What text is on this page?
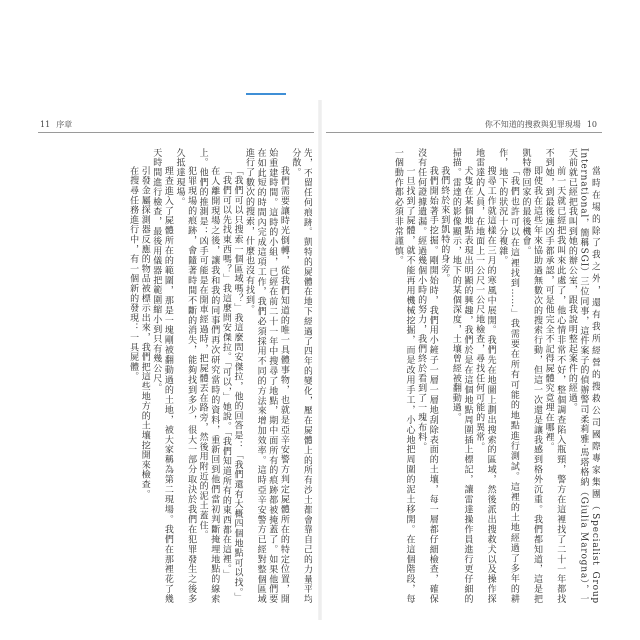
11 序章	你不知道的搜救與犯罪現場 10

當時在場的除了我之外，還有我所經營的搜救公司國際專家集團（Specialist Group International，簡稱SGI）三位同事，這件案子的偵辦警司柔莉雅‧馬塔格納（Giulia Marogna），一天前就已經把我叫到她的辦公室，跟我說明整起案件的經過。

前一天就已經把我叫來此處了，他心情非常不好，整個調查陷入瓶頸，警方在這裡找了二十一年都找不到她，到最後連凶手都承認，可是他完全不記得屍體究竟埋在哪裡。

即使我在這些年來協助過無數次的搜索行動，但這一次還是讓我感到格外沉重。我們都知道，這是把凱特帶回家的最後機會。

「我們也許可以在這裡找到……」我需要在所有可能的地點進行測試。這裡的土地經過了多年的耕作，地下的狀況十分複雜。

搜尋工作就這樣在三月的寒風中展開。我們先在地圖上劃出搜索的區域，然後派出搜救犬以及操作探地雷達的人員，在地面上一公尺一公尺地檢查，尋找任何可能的異常。

犬隻在某個地點表現出明顯的興趣，我們於是在這個地點周圍插上標記，讓雷達操作員進行更仔細的掃描。雷達的影像顯示，地下的某個深度，土壤曾經被翻動過。

我們終於來到凱特的身旁。

我們開始著手挖掘。剛開始時，我們用小鏟子一層一層地刮除表面的土壤，每一層都仔細檢查，確保沒有任何證據遺漏。經過幾個小時的努力，我們終於看到了一塊布料。

一旦找到了屍體，就不能再用機械挖掘，而是改用手工，小心地把周圍的泥土移開。在這個階段，每一個動作都必須非常謹慎。

先，不留任何痕跡。凱特的屍體在地下經過了四年的變化，壓在屍體上的所有沙土都會靠自己的力量平均分散。

我們需要讓時光倒轉，從我們知道的唯一具體事物，也就是亞辛安警方判定屍體所在的特定位置，開始重建時間。這時的小組，已經在前二十一年中搜尋了地點，期中面所有的痕跡都被掩蓋了。如果他們要在如此短的時間內完成這項工作，我們必須採用不同的方法來增加效率。這時亞辛安警方已經對整個區域進行了數次的搜索，什麼也沒有找到。

「我們可以只搜索一個區域嗎？」我這麼問安傑拉，他的回答是：「我們還有大概四個地點可以找。」

「我們可以先找東西嗎？」我這麼問安傑拉。「可以，」她說。「我們知道所有的東西都在這裡。」

在人離開現場之後，讓我和我的同事們再次研究當時的資料，重新回到他們當初判斷掩埋地點的線索上。他們的推測是：凶手可能是在開車經過時，把屍體丟在路旁，然後用附近的泥土蓋住。

犯罪現場的痕跡，會隨著時間不斷的消失，能夠找到多少，很大一部分取決於我們在犯罪發生之後多久抵達現場。

理查進入了屍體所在的範圍，那是一塊剛被翻動過的土地，被大家稱為第二現場。我們在那裡花了幾天時間進行檢查，最後用儀器把範圍縮小到只有幾公尺。

引發金屬探測器反應的物品被標示出來，我們把這些地方的土壤挖開來檢查。

在搜尋任務進行中，有一個新的發現：一具屍體。
